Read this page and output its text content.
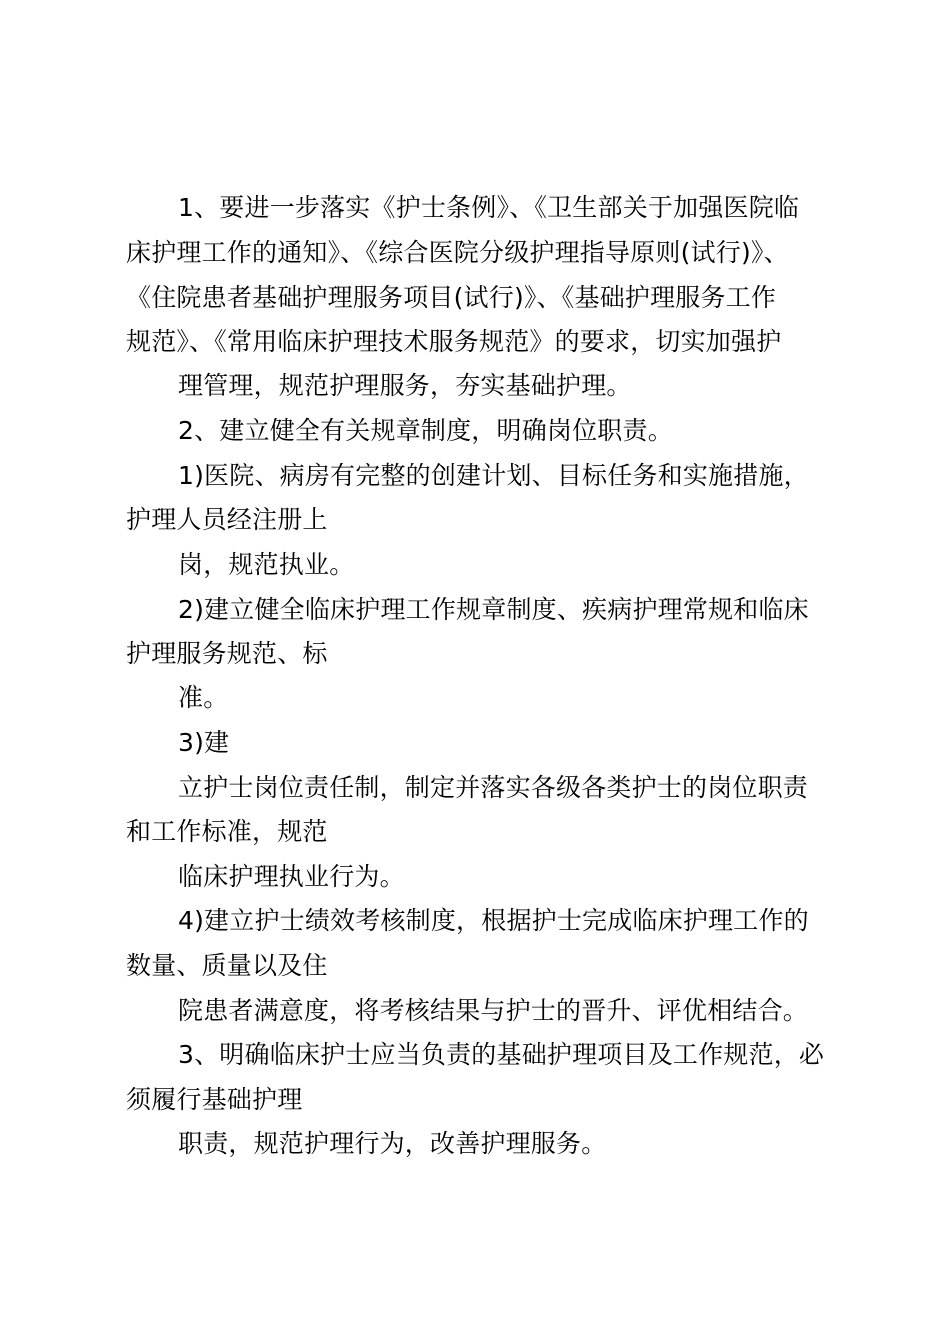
1、要进一步落实《护士条例》、《卫生部关于加强医院临
床护理工作的通知》、《综合医院分级护理指导原则(试行)》、
《住院患者基础护理服务项目(试行)》、《基础护理服务工作
规范》、《常用临床护理技术服务规范》的要求，切实加强护
理管理，规范护理服务，夯实基础护理。
2、建立健全有关规章制度，明确岗位职责。
1)医院、病房有完整的创建计划、目标任务和实施措施，
护理人员经注册上
岗，规范执业。
2)建立健全临床护理工作规章制度、疾病护理常规和临床
护理服务规范、标
准。
3)建
立护士岗位责任制，制定并落实各级各类护士的岗位职责
和工作标准，规范
临床护理执业行为。
4)建立护士绩效考核制度，根据护士完成临床护理工作的
数量、质量以及住
院患者满意度，将考核结果与护士的晋升、评优相结合。
3、明确临床护士应当负责的基础护理项目及工作规范，必
须履行基础护理
职责，规范护理行为，改善护理服务。
